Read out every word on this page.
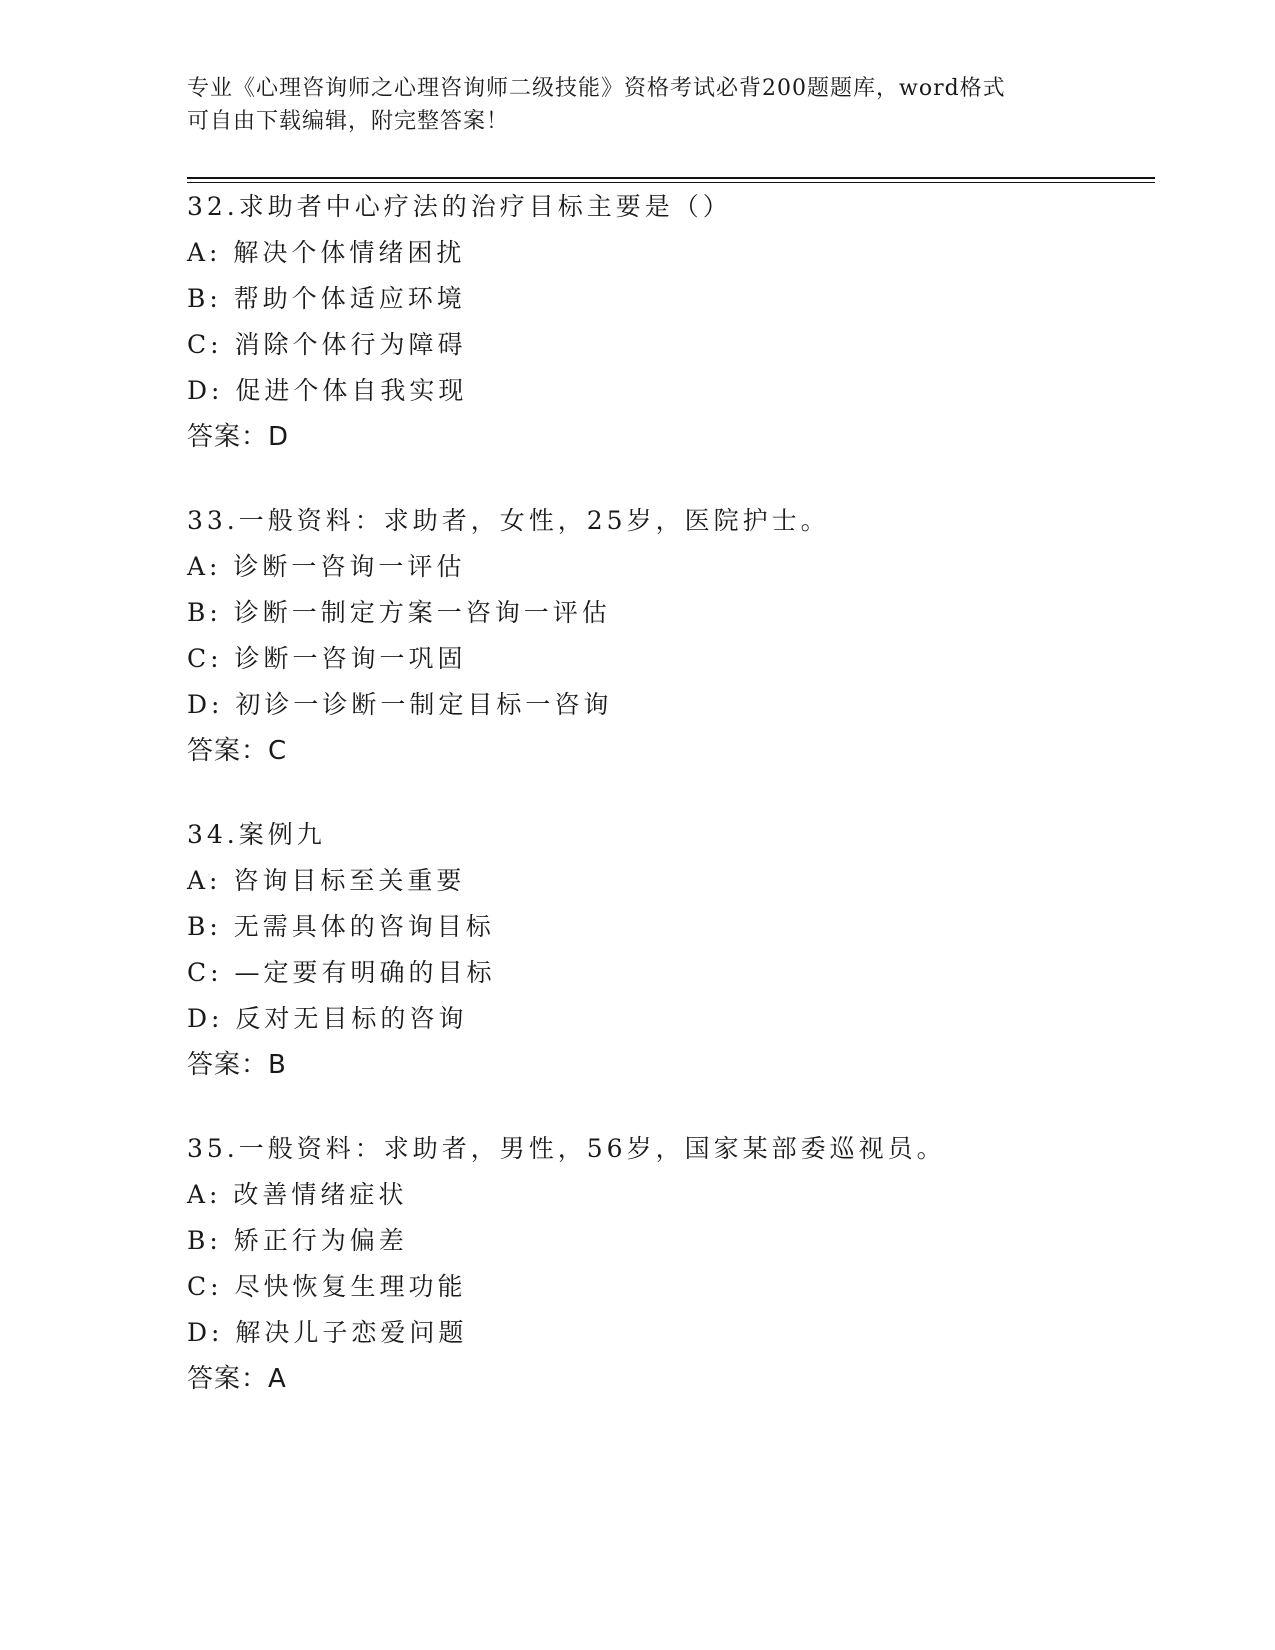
专业《心理咨询师之心理咨询师二级技能》资格考试必背200题题库，word格式
可自由下载编辑，附完整答案！
32.求助者中心疗法的治疗目标主要是（）
A: 解决个体情绪困扰
B: 帮助个体适应环境
C: 消除个体行为障碍
D: 促进个体自我实现
答案：D
33.一般资料：求助者，女性，25岁，医院护士。
A: 诊断一咨询一评估
B: 诊断一制定方案一咨询一评估
C: 诊断一咨询一巩固
D: 初诊一诊断一制定目标一咨询
答案：C
34.案例九
A: 咨询目标至关重要
B: 无需具体的咨询目标
C: —定要有明确的目标
D: 反对无目标的咨询
答案：B
35.一般资料：求助者，男性，56岁，国家某部委巡视员。
A: 改善情绪症状
B: 矫正行为偏差
C: 尽快恢复生理功能
D: 解决儿子恋爱问题
答案：A
